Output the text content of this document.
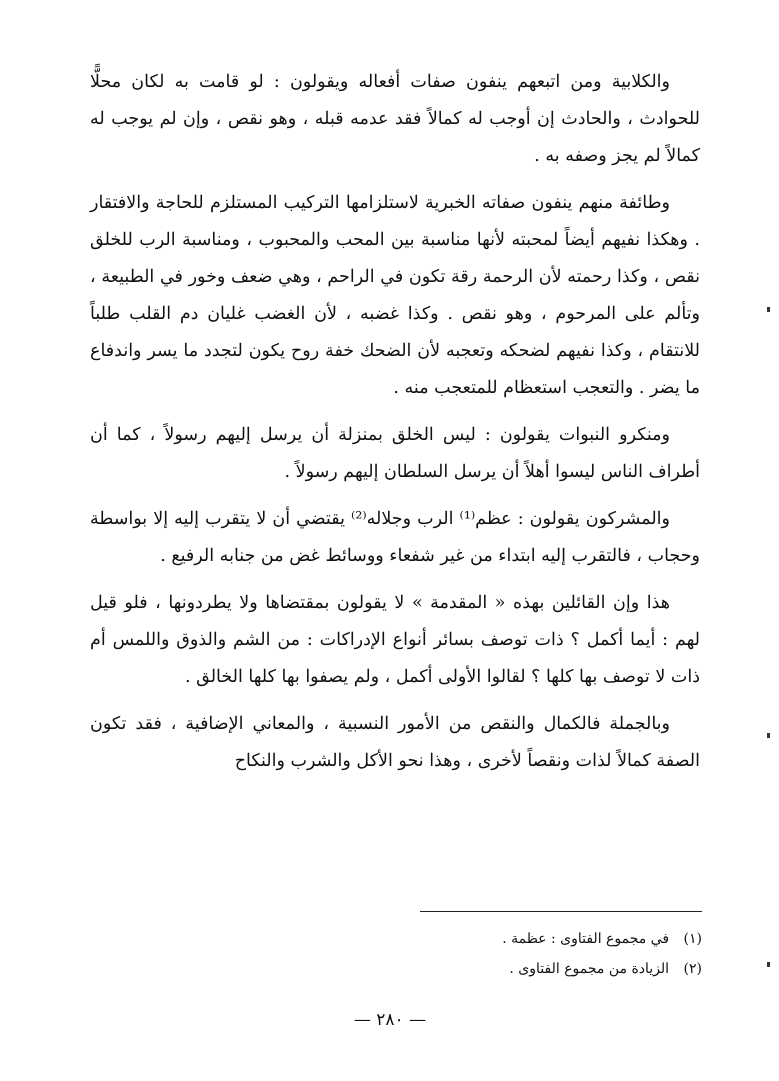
والكلابية ومن اتبعهم ينفون صفات أفعاله ويقولون : لو قامت به لكان محلًّا للحوادث ، والحادث إن أوجب له كمالاً فقد عدمه قبله ، وهو نقص ، وإن لم يوجب له كمالاً لم يجز وصفه به .

وطائفة منهم ينفون صفاته الخبرية لاستلزامها التركيب المستلزم للحاجة والافتقار . وهكذا نفيهم أيضاً لمحبته لأنها مناسبة بين المحب والمحبوب ، ومناسبة الرب للخلق نقص ، وكذا رحمته لأن الرحمة رقة تكون في الراحم ، وهي ضعف وخور في الطبيعة ، وتألم على المرحوم ، وهو نقص . وكذا غضبه ، لأن الغضب غليان دم القلب طلباً للانتقام ، وكذا نفيهم لضحكه وتعجبه لأن الضحك خفة روح يكون لتجدد ما يسر واندفاع ما يضر . والتعجب استعظام للمتعجب منه .

ومنكرو النبوات يقولون : ليس الخلق بمنزلة أن يرسل إليهم رسولاً ، كما أن أطراف الناس ليسوا أهلاً أن يرسل السلطان إليهم رسولاً .

والمشركون يقولون : عظم⁽¹⁾ الرب وجلاله⁽²⁾ يقتضي أن لا يتقرب إليه إلا بواسطة وحجاب ، فالتقرب إليه ابتداء من غير شفعاء ووسائط غض من جنابه الرفيع .

هذا وإن القائلين بهذه « المقدمة » لا يقولون بمقتضاها ولا يطردونها ، فلو قيل لهم : أيما أكمل ؟ ذات توصف بسائر أنواع الإدراكات : من الشم والذوق واللمس أم ذات لا توصف بها كلها ؟ لقالوا الأولى أكمل ، ولم يصفوا بها كلها الخالق .

وبالجملة فالكمال والنقص من الأمور النسبية ، والمعاني الإضافية ، فقد تكون الصفة كمالاً لذات ونقصاً لأخرى ، وهذا نحو الأكل والشرب والنكاح

(١) في مجموع الفتاوى : عظمة .
(٢) الزيادة من مجموع الفتاوى .
— ٢٨٠ —
